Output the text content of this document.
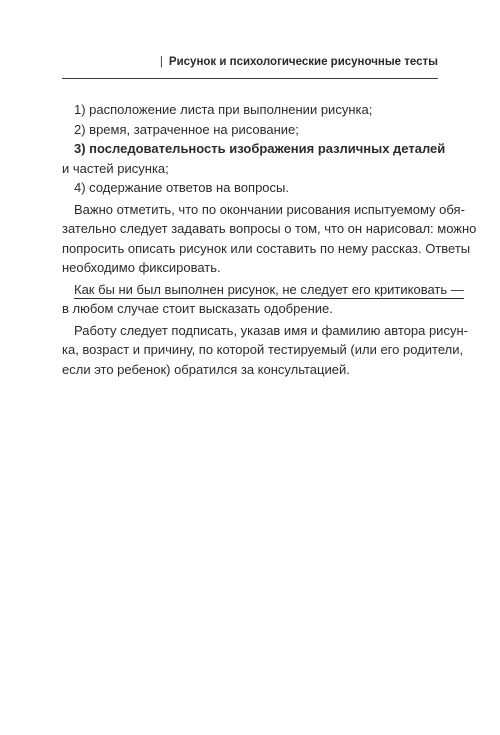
| Рисунок и психологические рисуночные тесты
1) расположение листа при выполнении рисунка;
2) время, затраченное на рисование;
3) последовательность изображения различных деталей
и частей рисунка;
4) содержание ответов на вопросы.
Важно отметить, что по окончании рисования испытуемому обя-
зательно следует задавать вопросы о том, что он нарисовал: можно
попросить описать рисунок или составить по нему рассказ. Ответы
необходимо фиксировать.
Как бы ни был выполнен рисунок, не следует его критиковать —
в любом случае стоит высказать одобрение.
Работу следует подписать, указав имя и фамилию автора рисун-
ка, возраст и причину, по которой тестируемый (или его родители,
если это ребенок) обратился за консультацией.
